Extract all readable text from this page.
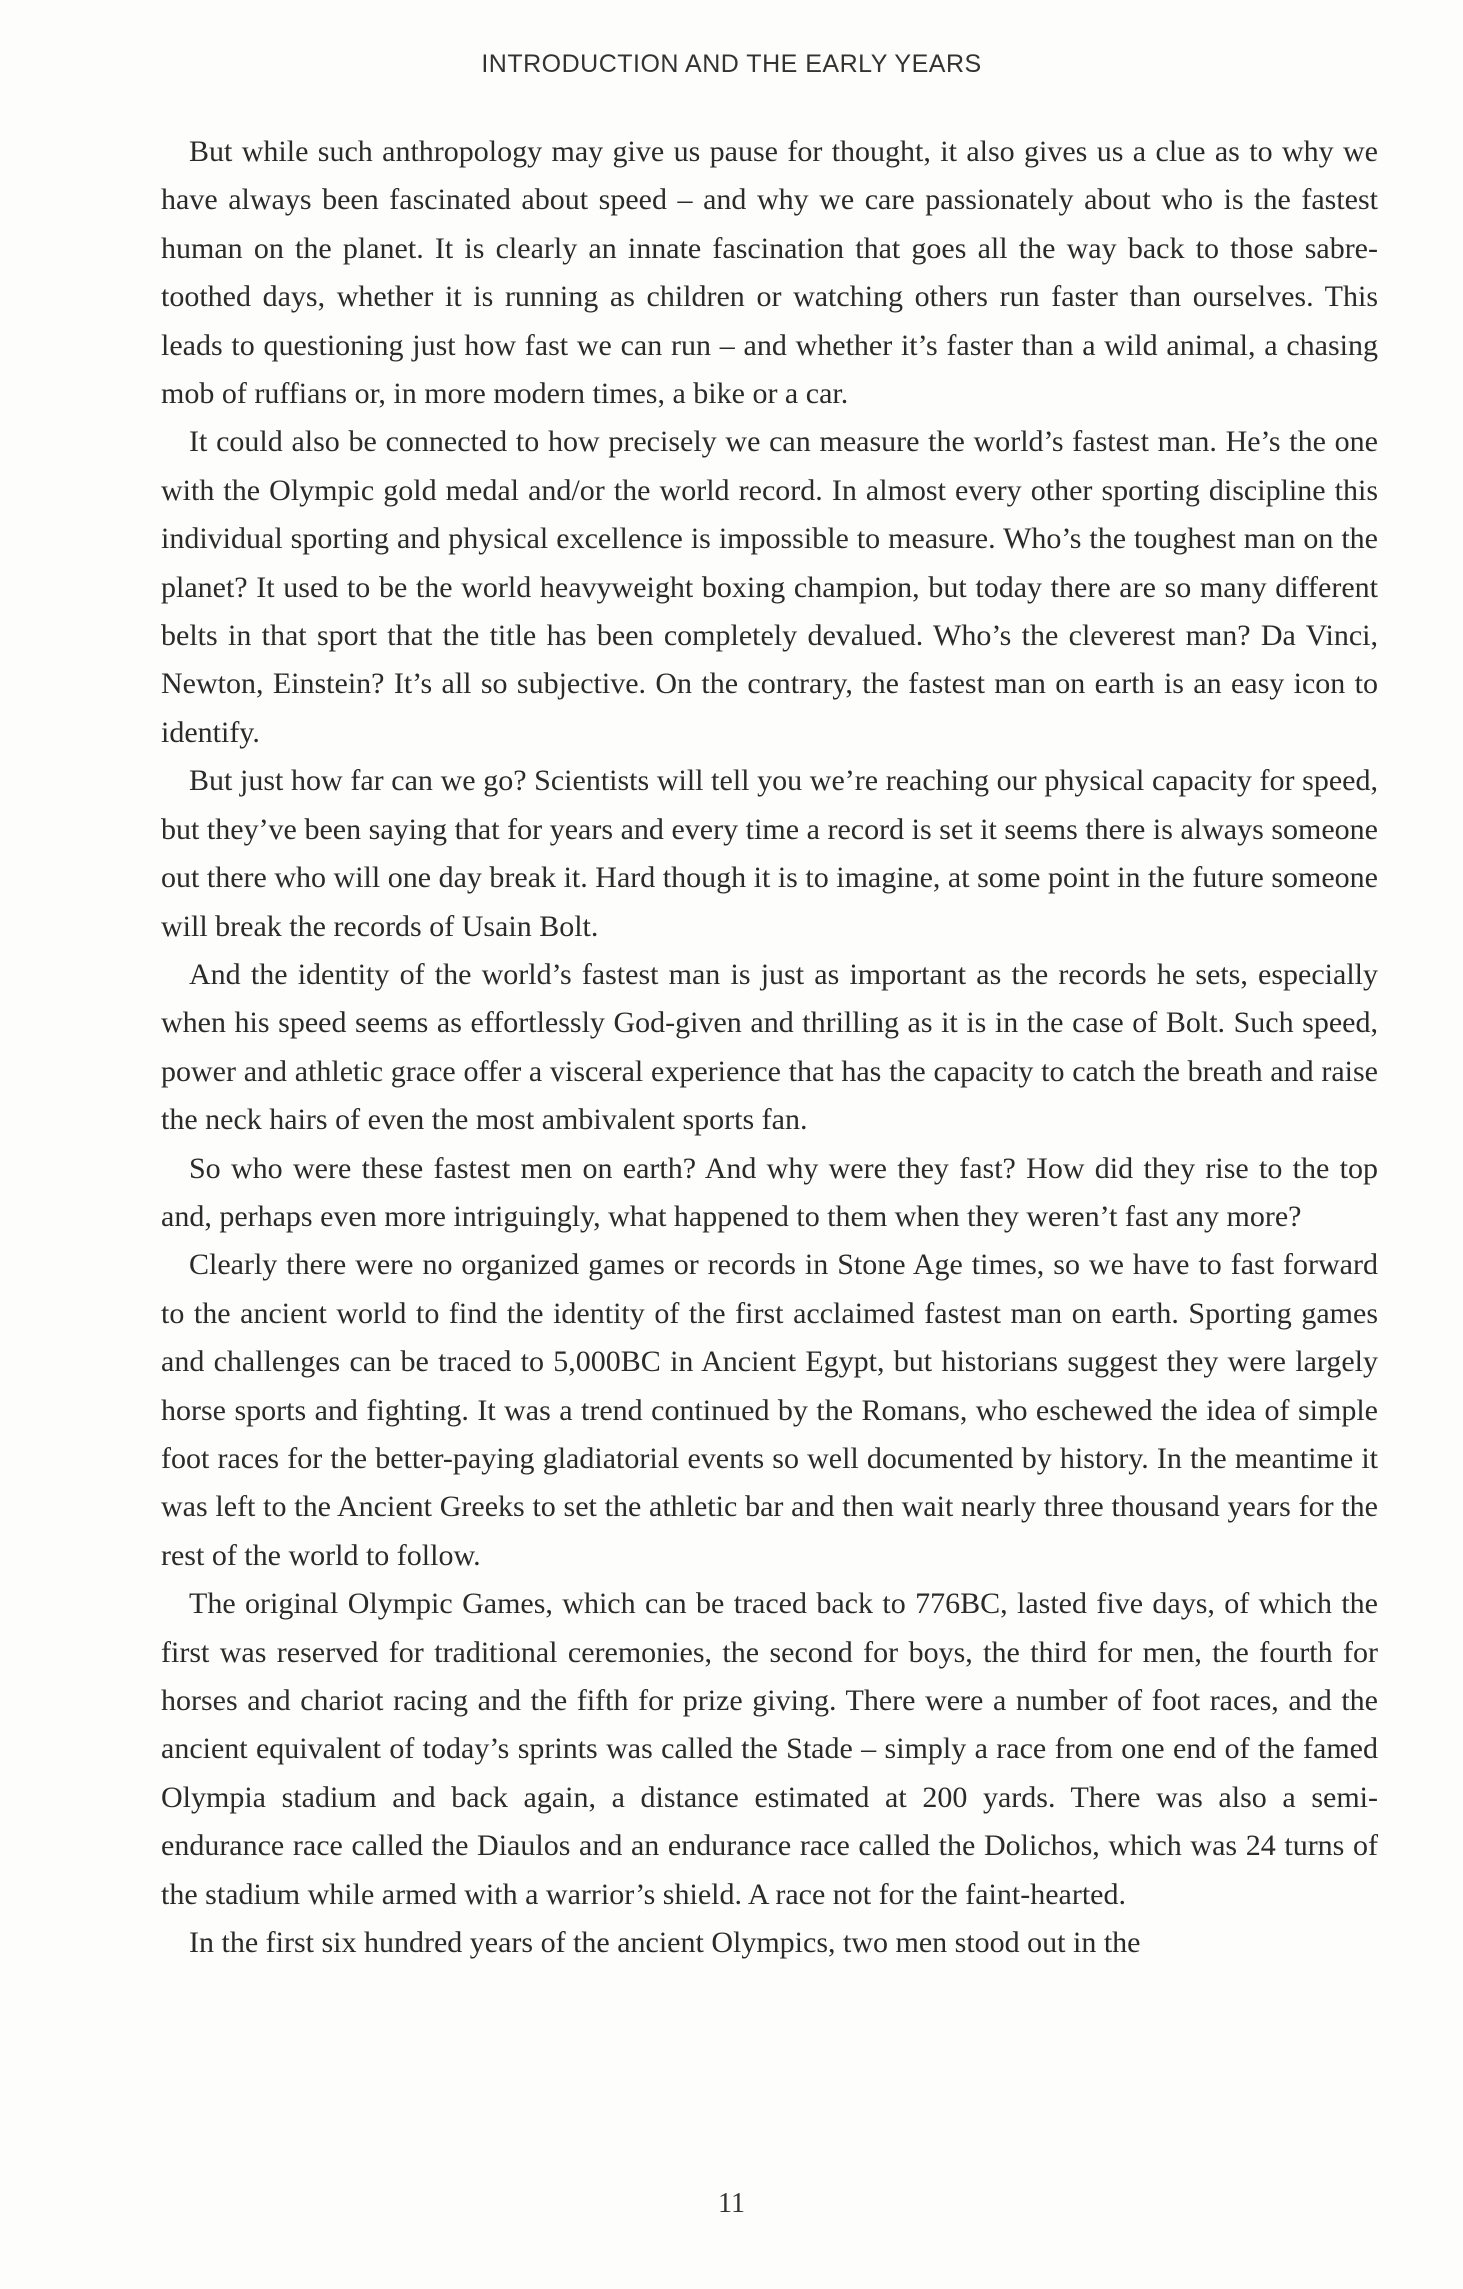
INTRODUCTION AND THE EARLY YEARS

But while such anthropology may give us pause for thought, it also gives us a clue as to why we have always been fascinated about speed – and why we care passionately about who is the fastest human on the planet. It is clearly an innate fascination that goes all the way back to those sabre-toothed days, whether it is running as children or watching others run faster than ourselves. This leads to questioning just how fast we can run – and whether it’s faster than a wild animal, a chasing mob of ruffians or, in more modern times, a bike or a car.

It could also be connected to how precisely we can measure the world’s fastest man. He’s the one with the Olympic gold medal and/or the world record. In almost every other sporting discipline this individual sporting and physical excellence is impossible to measure. Who’s the toughest man on the planet? It used to be the world heavyweight boxing champion, but today there are so many different belts in that sport that the title has been completely devalued. Who’s the cleverest man? Da Vinci, Newton, Einstein? It’s all so subjective. On the contrary, the fastest man on earth is an easy icon to identify.

But just how far can we go? Scientists will tell you we’re reaching our physical capacity for speed, but they’ve been saying that for years and every time a record is set it seems there is always someone out there who will one day break it. Hard though it is to imagine, at some point in the future someone will break the records of Usain Bolt.

And the identity of the world’s fastest man is just as important as the records he sets, especially when his speed seems as effortlessly God-given and thrilling as it is in the case of Bolt. Such speed, power and athletic grace offer a visceral experience that has the capacity to catch the breath and raise the neck hairs of even the most ambivalent sports fan.

So who were these fastest men on earth? And why were they fast? How did they rise to the top and, perhaps even more intriguingly, what happened to them when they weren’t fast any more?

Clearly there were no organized games or records in Stone Age times, so we have to fast forward to the ancient world to find the identity of the first acclaimed fastest man on earth. Sporting games and challenges can be traced to 5,000BC in Ancient Egypt, but historians suggest they were largely horse sports and fighting. It was a trend continued by the Romans, who eschewed the idea of simple foot races for the better-paying gladiatorial events so well documented by history. In the meantime it was left to the Ancient Greeks to set the athletic bar and then wait nearly three thousand years for the rest of the world to follow.

The original Olympic Games, which can be traced back to 776BC, lasted five days, of which the first was reserved for traditional ceremonies, the second for boys, the third for men, the fourth for horses and chariot racing and the fifth for prize giving. There were a number of foot races, and the ancient equivalent of today’s sprints was called the Stade – simply a race from one end of the famed Olympia stadium and back again, a distance estimated at 200 yards. There was also a semi-endurance race called the Diaulos and an endurance race called the Dolichos, which was 24 turns of the stadium while armed with a warrior’s shield. A race not for the faint-hearted.

In the first six hundred years of the ancient Olympics, two men stood out in the

11
